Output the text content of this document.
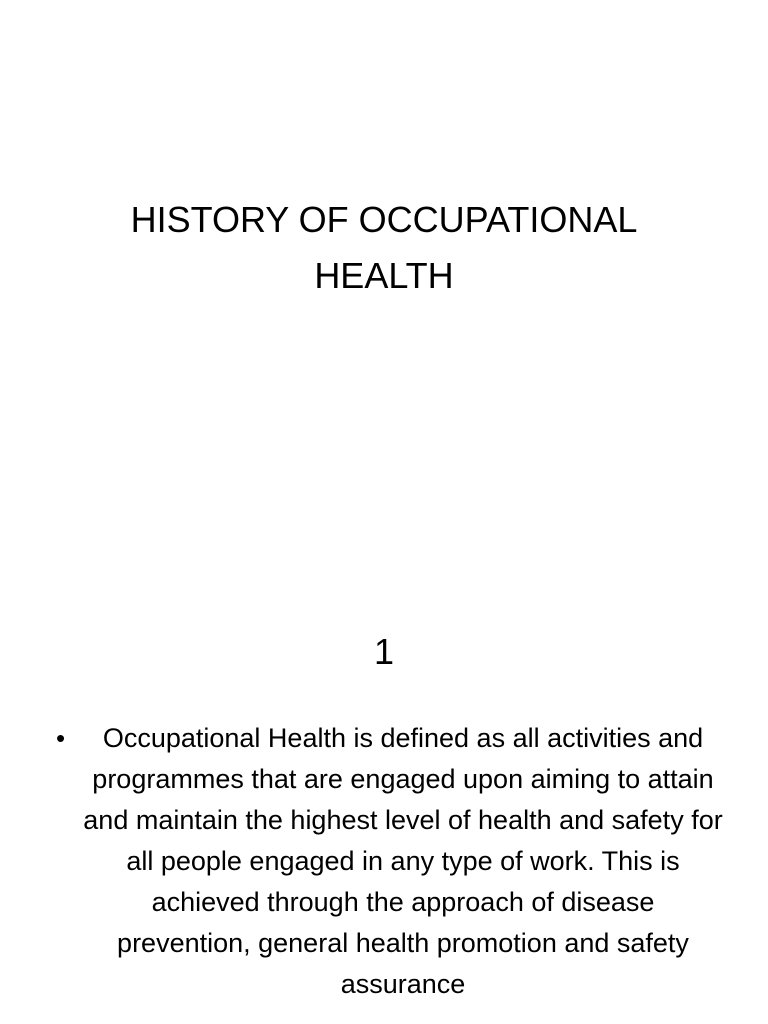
HISTORY OF OCCUPATIONAL HEALTH
1
•	Occupational Health is defined as all activities and programmes that are engaged upon aiming to attain and maintain the highest level of health and safety for all people engaged in any type of work. This is achieved through the approach of disease prevention, general health promotion and safety assurance
